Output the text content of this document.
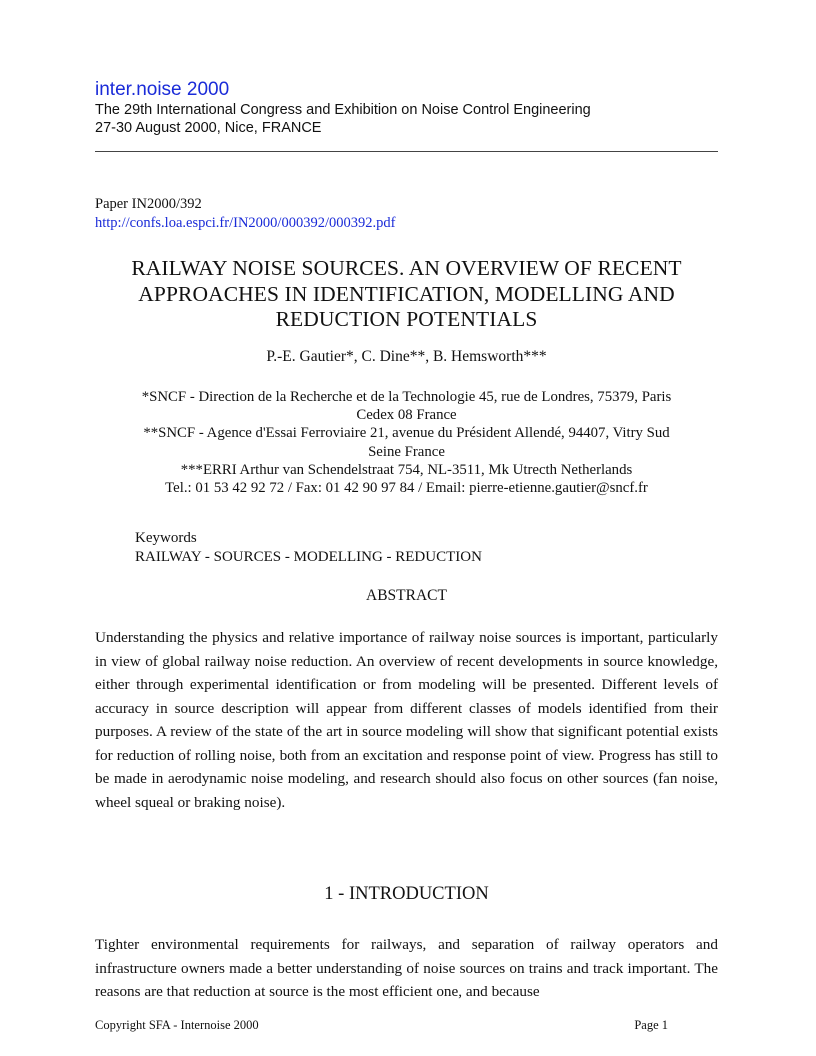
inter.noise 2000
The 29th International Congress and Exhibition on Noise Control Engineering
27-30 August 2000, Nice, FRANCE
Paper IN2000/392
http://confs.loa.espci.fr/IN2000/000392/000392.pdf
RAILWAY NOISE SOURCES. AN OVERVIEW OF RECENT
APPROACHES IN IDENTIFICATION, MODELLING AND
REDUCTION POTENTIALS
P.-E. Gautier*, C. Dine**, B. Hemsworth***
*SNCF - Direction de la Recherche et de la Technologie 45, rue de Londres, 75379, Paris
Cedex 08 France
**SNCF - Agence d'Essai Ferroviaire 21, avenue du Président Allendé, 94407, Vitry Sud
Seine France
***ERRI Arthur van Schendelstraat 754, NL-3511, Mk Utrecth Netherlands
Tel.: 01 53 42 92 72 / Fax: 01 42 90 97 84 / Email: pierre-etienne.gautier@sncf.fr
Keywords
RAILWAY - SOURCES - MODELLING - REDUCTION
ABSTRACT

Understanding the physics and relative importance of railway noise sources is important, particularly in view of global railway noise reduction. An overview of recent developments in source knowledge, either through experimental identification or from modeling will be presented. Different levels of accuracy in source description will appear from different classes of models identified from their purposes. A review of the state of the art in source modeling will show that significant potential exists for reduction of rolling noise, both from an excitation and response point of view. Progress has still to be made in aerodynamic noise modeling, and research should also focus on other sources (fan noise, wheel squeal or braking noise).

1 - INTRODUCTION

Tighter environmental requirements for railways, and separation of railway operators and infrastructure owners made a better understanding of noise sources on trains and track important. The reasons are that reduction at source is the most efficient one, and because

Copyright SFA - Internoise 2000	Page 1
